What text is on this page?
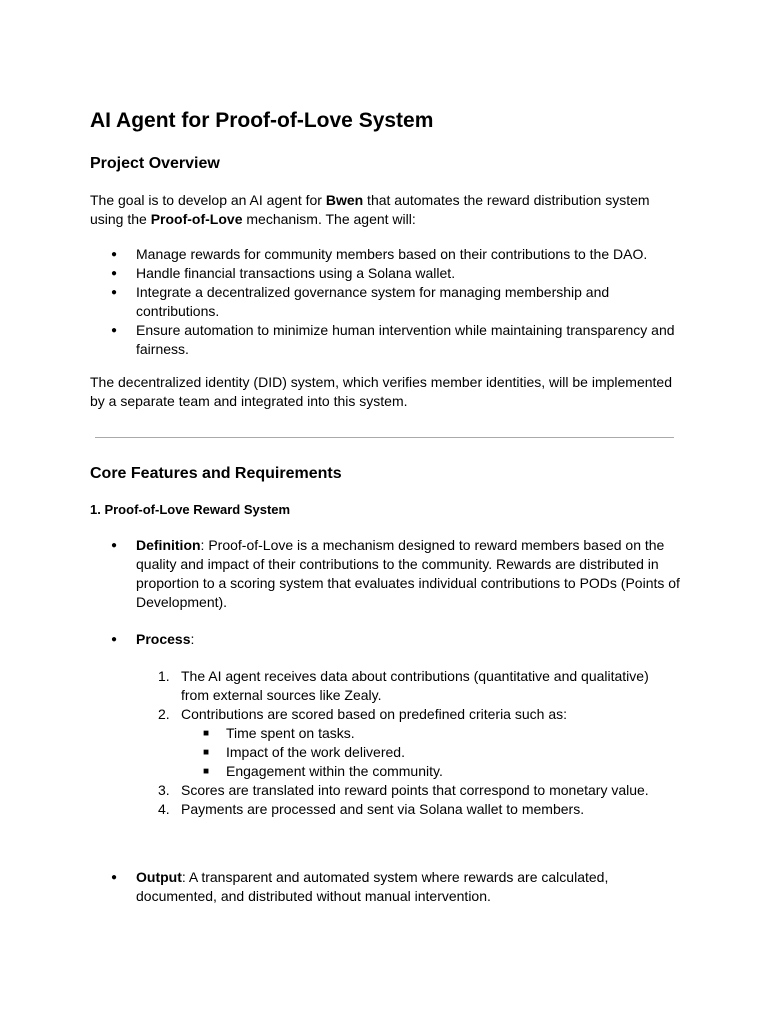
AI Agent for Proof-of-Love System
Project Overview

The goal is to develop an AI agent for Bwen that automates the reward distribution system using the Proof-of-Love mechanism. The agent will:

● Manage rewards for community members based on their contributions to the DAO.
● Handle financial transactions using a Solana wallet.
● Integrate a decentralized governance system for managing membership and contributions.
● Ensure automation to minimize human intervention while maintaining transparency and fairness.

The decentralized identity (DID) system, which verifies member identities, will be implemented by a separate team and integrated into this system.

Core Features and Requirements
1. Proof-of-Love Reward System
● Definition: Proof-of-Love is a mechanism designed to reward members based on the quality and impact of their contributions to the community. Rewards are distributed in proportion to a scoring system that evaluates individual contributions to PODs (Points of Development).
● Process:
1. The AI agent receives data about contributions (quantitative and qualitative) from external sources like Zealy.
2. Contributions are scored based on predefined criteria such as:
■ Time spent on tasks.
■ Impact of the work delivered.
■ Engagement within the community.
3. Scores are translated into reward points that correspond to monetary value.
4. Payments are processed and sent via Solana wallet to members.
● Output: A transparent and automated system where rewards are calculated, documented, and distributed without manual intervention.
